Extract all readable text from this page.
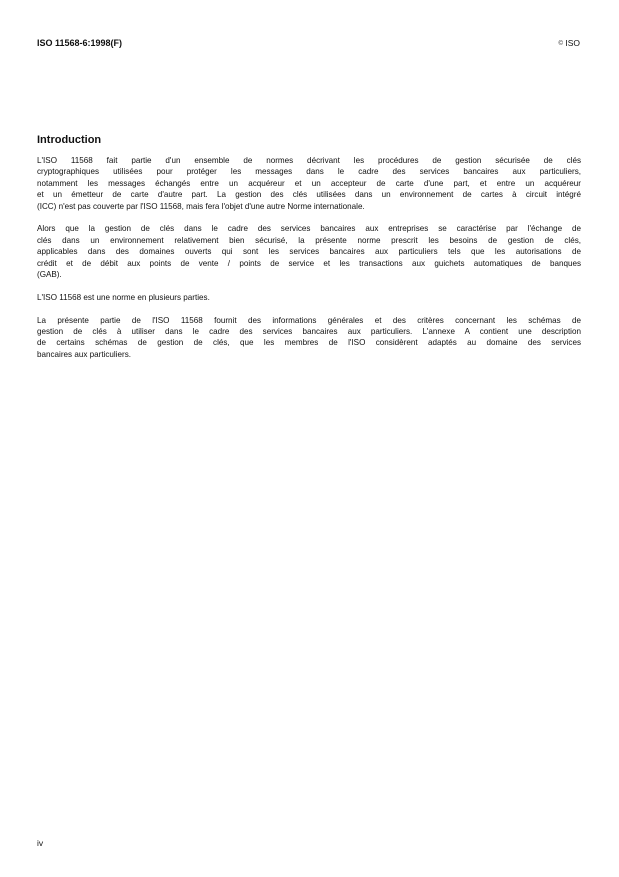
ISO 11568-6:1998(F)	© ISO
Introduction
L'ISO 11568 fait partie d'un ensemble de normes décrivant les procédures de gestion sécurisée de clés
cryptographiques utilisées pour protéger les messages dans le cadre des services bancaires aux particuliers,
notamment les messages échangés entre un acquéreur et un accepteur de carte d'une part, et entre un acquéreur
et un émetteur de carte d'autre part. La gestion des clés utilisées dans un environnement de cartes à circuit intégré
(ICC) n'est pas couverte par l'ISO 11568, mais fera l'objet d'une autre Norme internationale.
Alors que la gestion de clés dans le cadre des services bancaires aux entreprises se caractérise par l'échange de
clés dans un environnement relativement bien sécurisé, la présente norme prescrit les besoins de gestion de clés,
applicables dans des domaines ouverts qui sont les services bancaires aux particuliers tels que les autorisations de
crédit et de débit aux points de vente / points de service et les transactions aux guichets automatiques de banques
(GAB).
L'ISO 11568 est une norme en plusieurs parties.
La présente partie de l'ISO 11568 fournit des informations générales et des critères concernant les schémas de
gestion de clés à utiliser dans le cadre des services bancaires aux particuliers. L'annexe A contient une description
de certains schémas de gestion de clés, que les membres de l'ISO considèrent adaptés au domaine des services
bancaires aux particuliers.
iv
